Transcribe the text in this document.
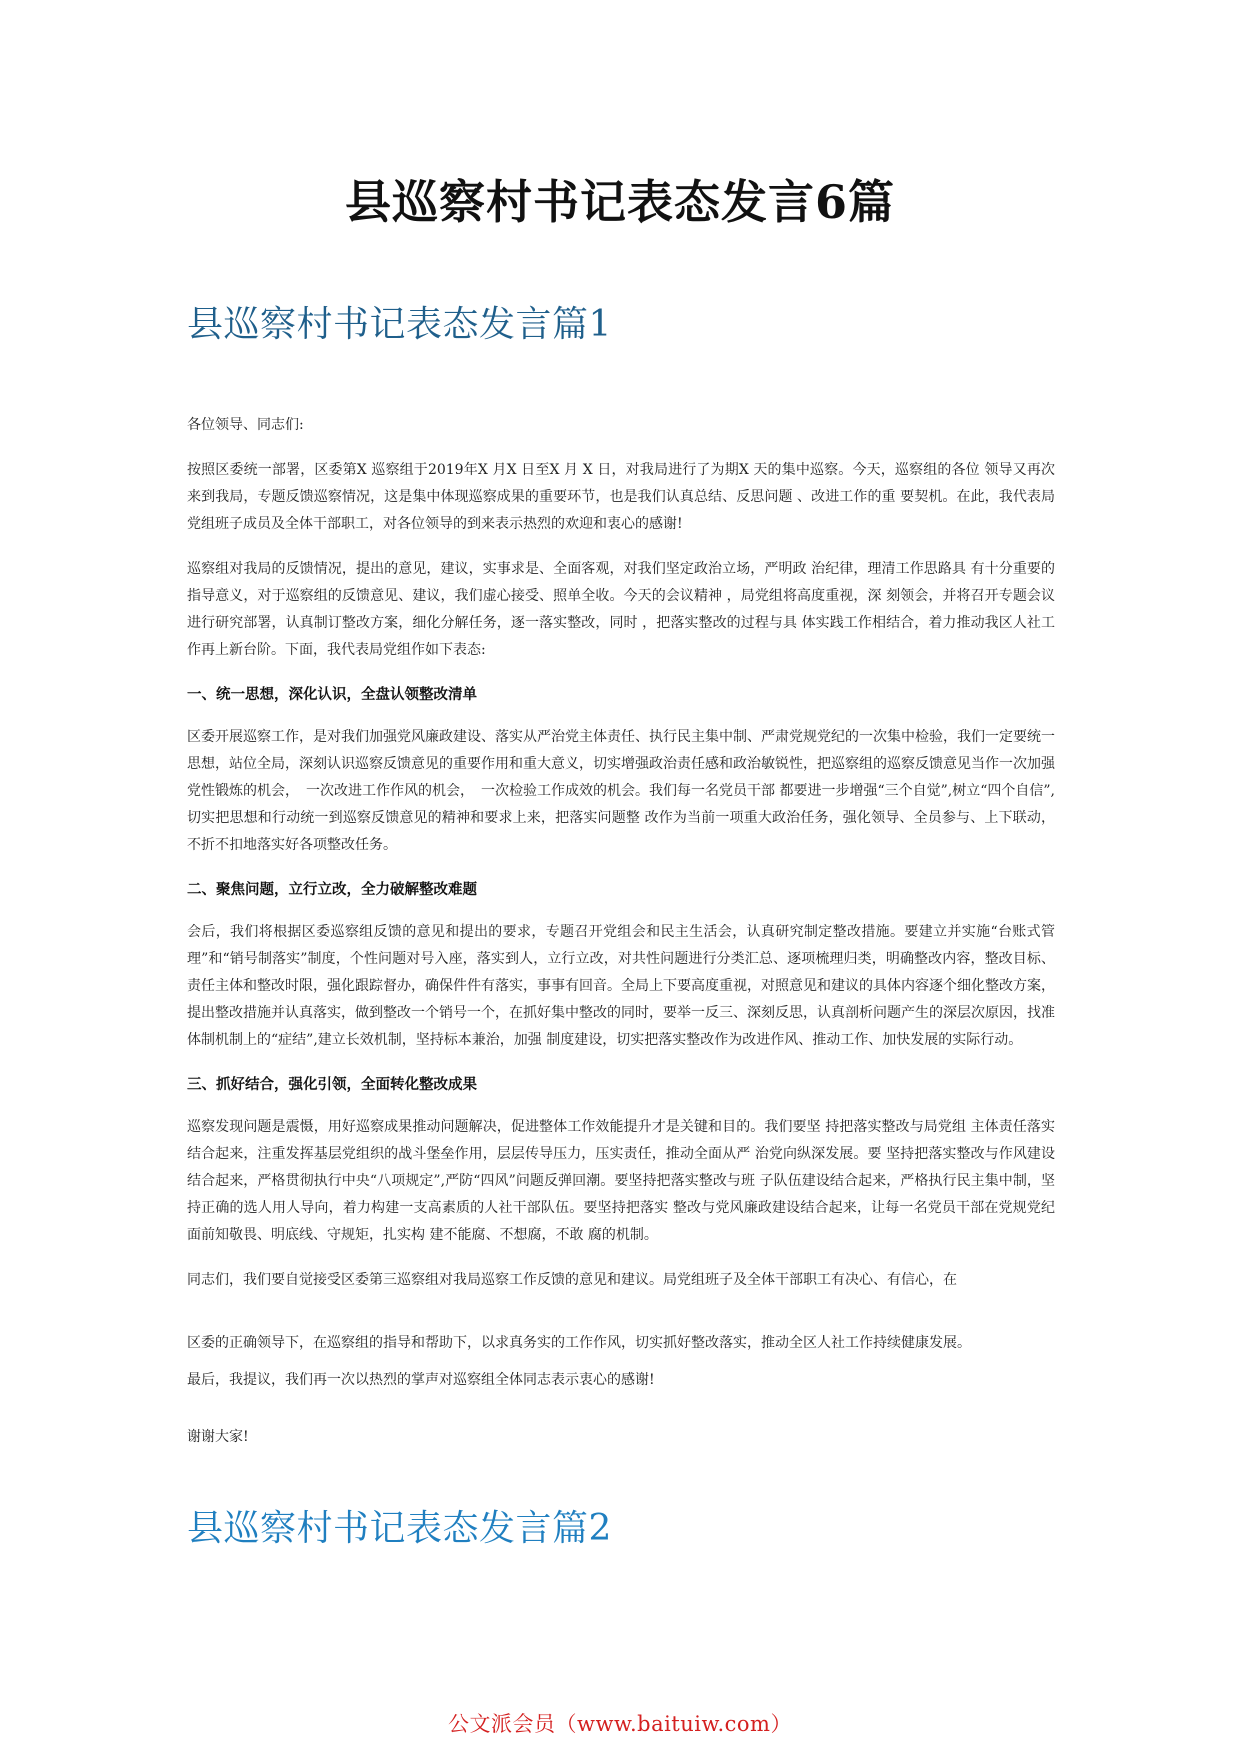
县巡察村书记表态发言6篇
县巡察村书记表态发言篇1

各位领导、同志们:

按照区委统一部署，区委第X 巡察组于2019年X 月X 日至X 月 X 日，对我局进行了为期X 天的集中巡察。今天，巡察组的各位 领导又再次来到我局，专题反馈巡察情况，这是集中体现巡察成果的重要环节，也是我们认真总结、反思问题 、改进工作的重 要契机。在此，我代表局党组班子成员及全体干部职工，对各位领导的到来表示热烈的欢迎和衷心的感谢!

巡察组对我局的反馈情况，提出的意见，建议，实事求是、全面客观，对我们坚定政治立场，严明政 治纪律，理清工作思路具 有十分重要的指导意义，对于巡察组的反馈意见、建议，我们虚心接受、照单全收。今天的会议精神 ，局党组将高度重视，深 刻领会，并将召开专题会议进行研究部署，认真制订整改方案，细化分解任务，逐一落实整改，同时 ，把落实整改的过程与具 体实践工作相结合，着力推动我区人社工作再上新台阶。下面，我代表局党组作如下表态:

一、统一思想，深化认识，全盘认领整改清单

区委开展巡察工作，是对我们加强党风廉政建设、落实从严治党主体责任、执行民主集中制、严肃党规党纪的一次集中检验，我们一定要统一思想，站位全局，深刻认识巡察反馈意见的重要作用和重大意义，切实增强政治责任感和政治敏锐性，把巡察组的巡察反馈意见当作一次加强党性锻炼的机会，　一次改进工作作风的机会，　一次检验工作成效的机会。我们每一名党员干部 都要进一步增强“三个自觉”,树立“四个自信”,切实把思想和行动统一到巡察反馈意见的精神和要求上来，把落实问题整 改作为当前一项重大政治任务，强化领导、全员参与、上下联动，不折不扣地落实好各项整改任务。

二、聚焦问题，立行立改，全力破解整改难题

会后，我们将根据区委巡察组反馈的意见和提出的要求，专题召开党组会和民主生活会，认真研究制定整改措施。要建立并实施“台账式管理”和“销号制落实”制度，个性问题对号入座，落实到人，立行立改，对共性问题进行分类汇总、逐项梳理归类，明确整改内容，整改目标、责任主体和整改时限，强化跟踪督办，确保件件有落实，事事有回音。全局上下要高度重视，对照意见和建议的具体内容逐个细化整改方案，提出整改措施并认真落实，做到整改一个销号一个，在抓好集中整改的同时，要举一反三、深刻反思，认真剖析问题产生的深层次原因，找准体制机制上的“症结”,建立长效机制，坚持标本兼治，加强 制度建设，切实把落实整改作为改进作风、推动工作、加快发展的实际行动。

三、抓好结合，强化引领，全面转化整改成果

巡察发现问题是震慑，用好巡察成果推动问题解决，促进整体工作效能提升才是关键和目的。我们要坚 持把落实整改与局党组 主体责任落实结合起来，注重发挥基层党组织的战斗堡垒作用，层层传导压力，压实责任，推动全面从严 治党向纵深发展。要 坚持把落实整改与作风建设结合起来，严格贯彻执行中央“八项规定”,严防“四风”问题反弹回潮。要坚持把落实整改与班 子队伍建设结合起来，严格执行民主集中制，坚持正确的选人用人导向，着力构建一支高素质的人社干部队伍。要坚持把落实 整改与党风廉政建设结合起来，让每一名党员干部在党规党纪面前知敬畏、明底线、守规矩，扎实构 建不能腐、不想腐，不敢 腐的机制。

同志们，我们要自觉接受区委第三巡察组对我局巡察工作反馈的意见和建议。局党组班子及全体干部职工有决心、有信心，在

区委的正确领导下，在巡察组的指导和帮助下，以求真务实的工作作风，切实抓好整改落实，推动全区人社工作持续健康发展。

最后，我提议，我们再一次以热烈的掌声对巡察组全体同志表示衷心的感谢!

谢谢大家!

县巡察村书记表态发言篇2
公文派会员（www.baituiw.com）
